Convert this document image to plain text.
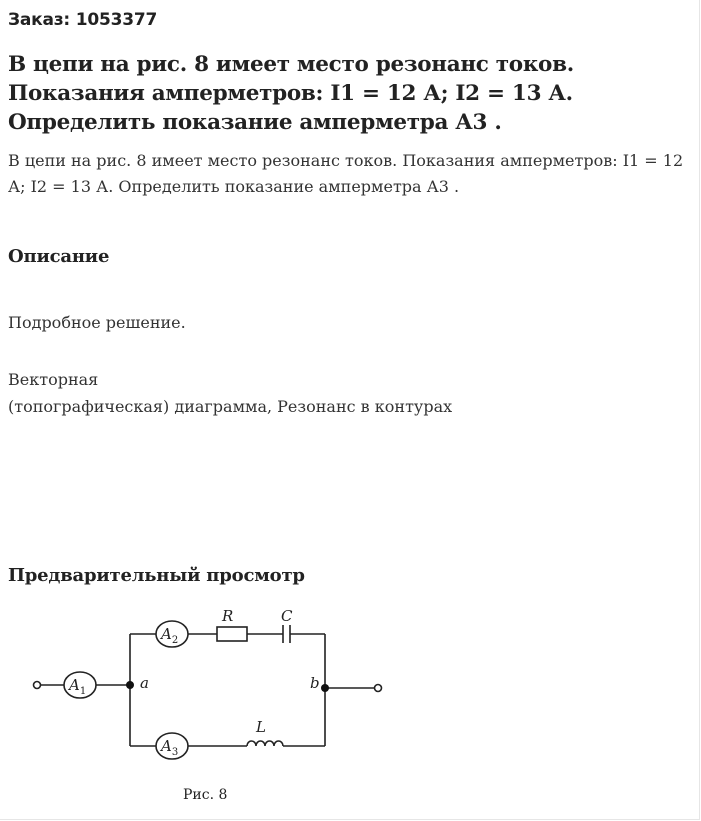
Заказ: 1053377
В цепи на рис. 8 имеет место резонанс токов. Показания амперметров: I1 = 12 А; I2 = 13 А. Определить показание амперметра А3 .
В цепи на рис. 8 имеет место резонанс токов. Показания амперметров: I1 = 12 А; I2 = 13 А. Определить показание амперметра А3 .
Описание
Подробное решение.
Векторная
(топографическая) диаграмма, Резонанс в контурах
Предварительный просмотр
$A_1$
$A_2$
$A_3$
a	b
R	C
L
Рис. 8
